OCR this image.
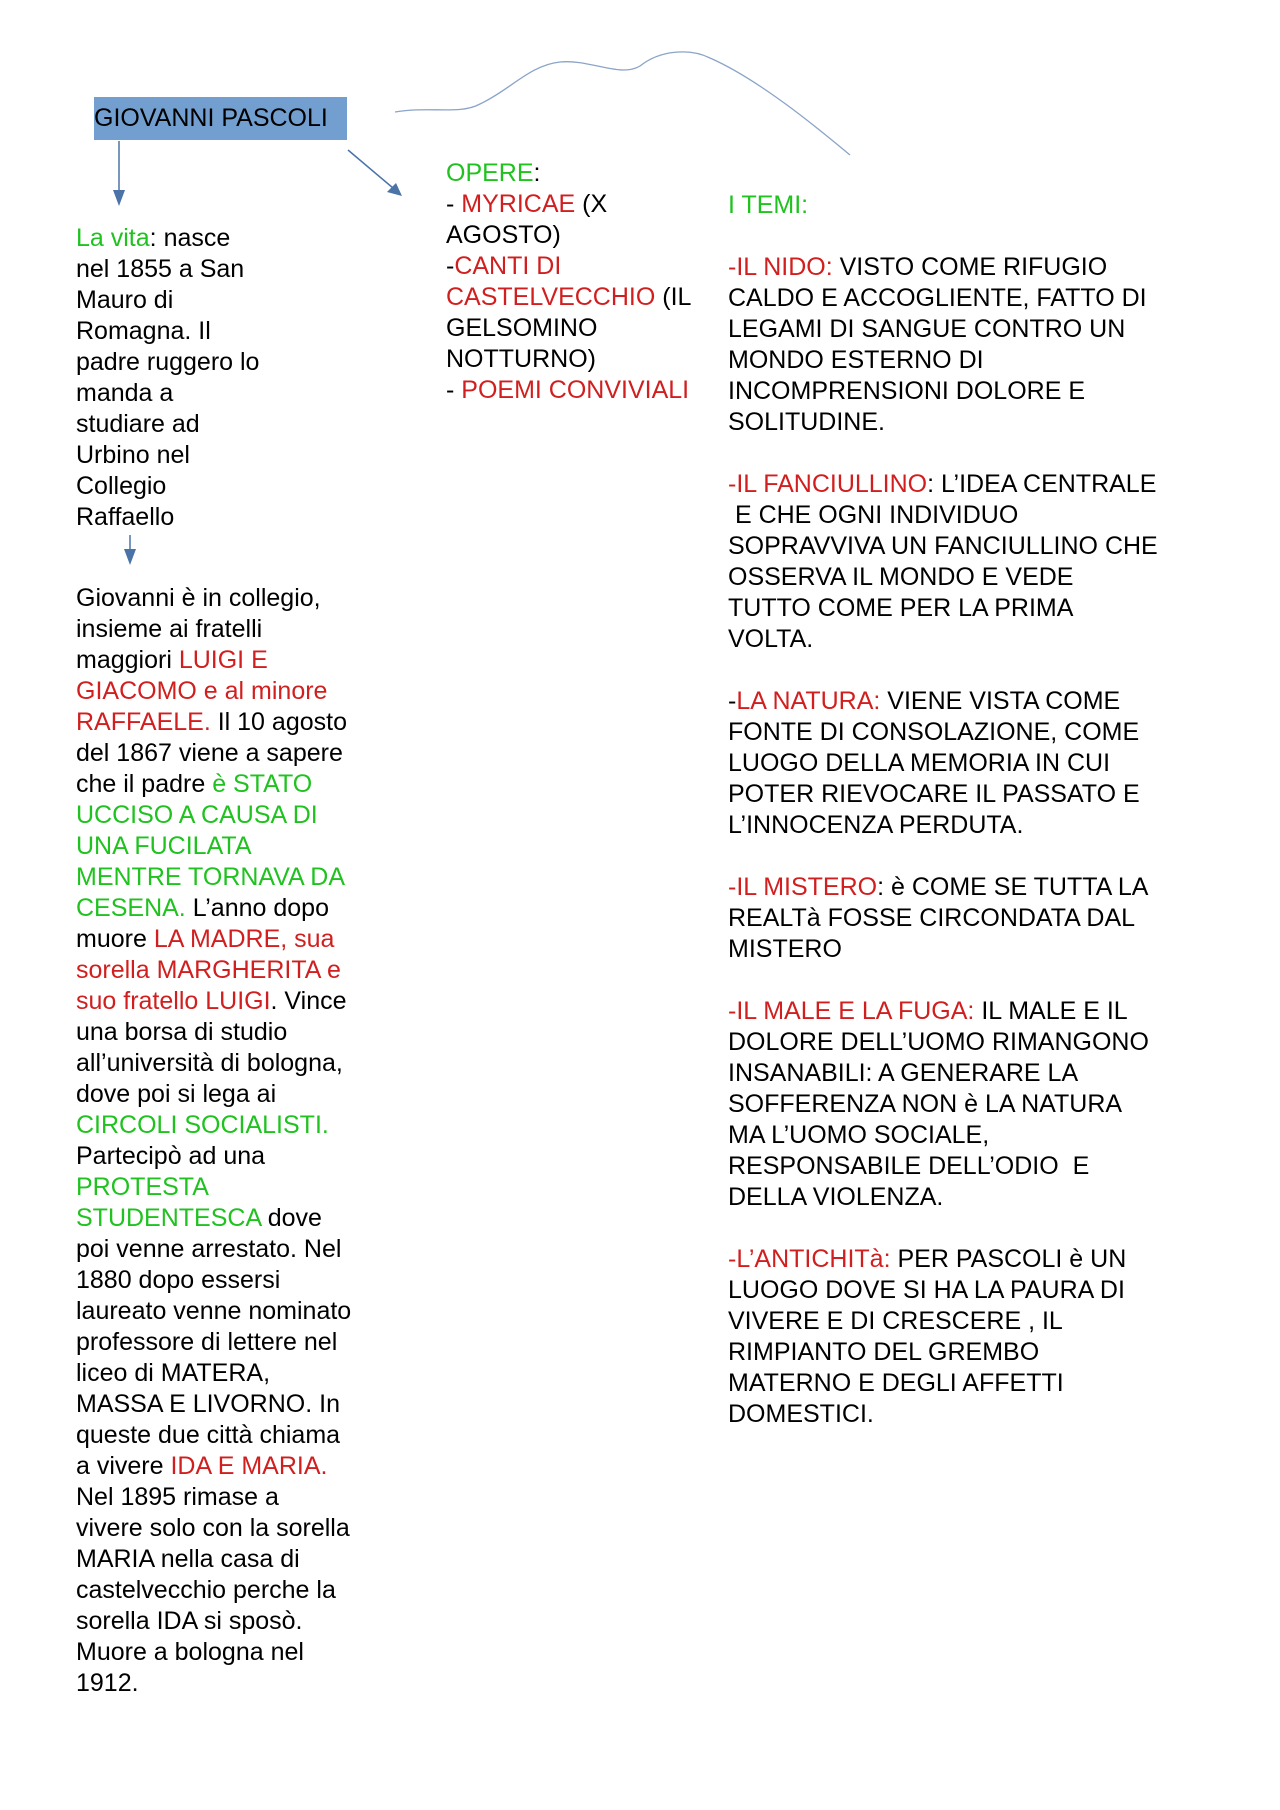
GIOVANNI PASCOLI
La vita: nasce
nel 1855 a San
Mauro di
Romagna. Il
padre ruggero lo
manda a
studiare ad
Urbino nel
Collegio
Raffaello
Giovanni è in collegio,
insieme ai fratelli
maggiori LUIGI E
GIACOMO e al minore
RAFFAELE. Il 10 agosto
del 1867 viene a sapere
che il padre è STATO
UCCISO A CAUSA DI
UNA FUCILATA
MENTRE TORNAVA DA
CESENA. L’anno dopo
muore LA MADRE, sua
sorella MARGHERITA e
suo fratello LUIGI. Vince
una borsa di studio
all’università di bologna,
dove poi si lega ai
CIRCOLI SOCIALISTI.
Partecipò ad una
PROTESTA
STUDENTESCA dove
poi venne arrestato. Nel
1880 dopo essersi
laureato venne nominato
professore di lettere nel
liceo di MATERA,
MASSA E LIVORNO. In
queste due città chiama
a vivere IDA E MARIA.
Nel 1895 rimase a
vivere solo con la sorella
MARIA nella casa di
castelvecchio perche la
sorella IDA si sposò.
Muore a bologna nel
1912.
OPERE:
- MYRICAE (X
AGOSTO)
-CANTI DI
CASTELVECCHIO (IL
GELSOMINO
NOTTURNO)
- POEMI CONVIVIALI
I TEMI:
-IL NIDO: VISTO COME RIFUGIO
CALDO E ACCOGLIENTE, FATTO DI
LEGAMI DI SANGUE CONTRO UN
MONDO ESTERNO DI
INCOMPRENSIONI DOLORE E
SOLITUDINE.
-IL FANCIULLINO: L’IDEA CENTRALE
E CHE OGNI INDIVIDUO
SOPRAVVIVA UN FANCIULLINO CHE
OSSERVA IL MONDO E VEDE
TUTTO COME PER LA PRIMA
VOLTA.
-LA NATURA: VIENE VISTA COME
FONTE DI CONSOLAZIONE, COME
LUOGO DELLA MEMORIA IN CUI
POTER RIEVOCARE IL PASSATO E
L’INNOCENZA PERDUTA.
-IL MISTERO: è COME SE TUTTA LA
REALTà FOSSE CIRCONDATA DAL
MISTERO
-IL MALE E LA FUGA: IL MALE E IL
DOLORE DELL’UOMO RIMANGONO
INSANABILI: A GENERARE LA
SOFFERENZA NON è LA NATURA
MA L’UOMO SOCIALE,
RESPONSABILE DELL’ODIO  E
DELLA VIOLENZA.
-L’ANTICHITà: PER PASCOLI è UN
LUOGO DOVE SI HA LA PAURA DI
VIVERE E DI CRESCERE , IL
RIMPIANTO DEL GREMBO
MATERNO E DEGLI AFFETTI
DOMESTICI.
